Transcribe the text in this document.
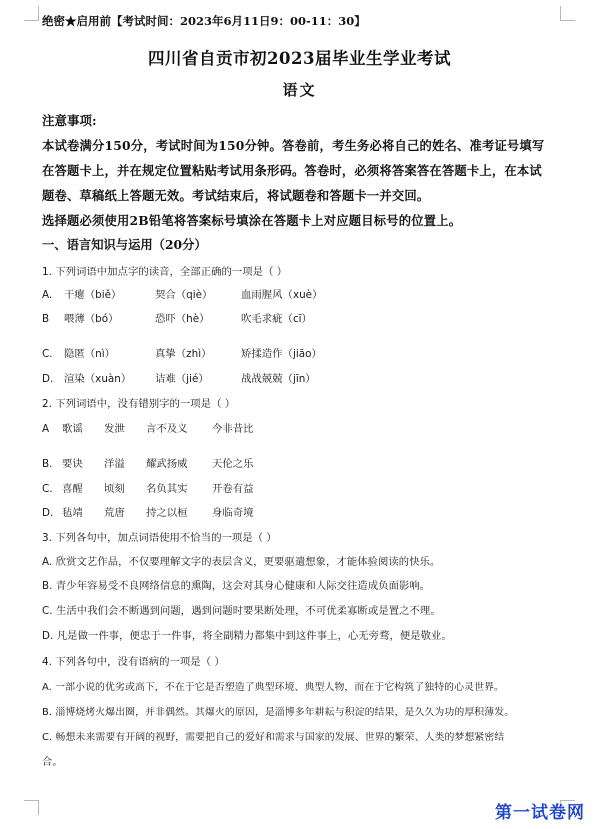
绝密★启用前【考试时间：2023年6月11日9：00-11：30】
四川省自贡市初2023届毕业生学业考试
语文
注意事项:
本试卷满分150分，考试时间为150分钟。答卷前，考生务必将自己的姓名、准考证号填写
在答题卡上，并在规定位置粘贴考试用条形码。答卷时，必须将答案答在答题卡上，在本试
题卷、草稿纸上答题无效。考试结束后，将试题卷和答题卡一并交回。
选择题必须使用2B铅笔将答案标号填涂在答题卡上对应题目标号的位置上。
一、语言知识与运用（20分）
1. 下列词语中加点字的读音，全部正确的一项是（ ）
A. 干瘪（biě）	契合（qiè）	血雨腥风（xuè）
B 喂薄（bó）	恐吓（hè）	吹毛求疵（cī）
C. 隐匿（nì）	真挚（zhì）	矫揉造作（jiāo）
D. 渲染（xuàn） 诘难（jié）	战战兢兢（jīn）
2. 下列词语中，没有错别字的一项是（ ）
A 歌谣 发泄 言不及义 今非昔比
B. 要诀 洋溢 耀武扬威 天伦之乐
C. 喜醒 顷刻 名负其实 开卷有益
D. 毡靖 荒唐 持之以桓 身临奇境
3. 下列各句中，加点词语使用不恰当的一项是（ ）
A. 欣赏文艺作品，不仅要理解文字的表层含义，更要驱遣想象，才能体验阅读的快乐。
B. 青少年容易受不良网络信息的熏陶，这会对其身心健康和人际交往造成负面影响。
C. 生活中我们会不断遇到问题，遇到问题时要果断处理，不可优柔寡断或是置之不理。
D. 凡是做一件事，便忠于一件事，将全副精力都集中到这件事上，心无旁骛，便是敬业。
4. 下列各句中，没有语病的一项是（ ）
A. 一部小说的优劣或高下，不在于它是否塑造了典型环境、典型人物，而在于它构筑了独特的心灵世界。
B. 淄博烧烤火爆出圈，并非偶然。其爆火的原因，是淄博多年耕耘与积淀的结果，是久久为功的厚积薄发。
C. 畅想未来需要有开阔的视野，需要把自己的爱好和需求与国家的发展、世界的繁荣、人类的梦想紧密结
合。
第一试卷网
